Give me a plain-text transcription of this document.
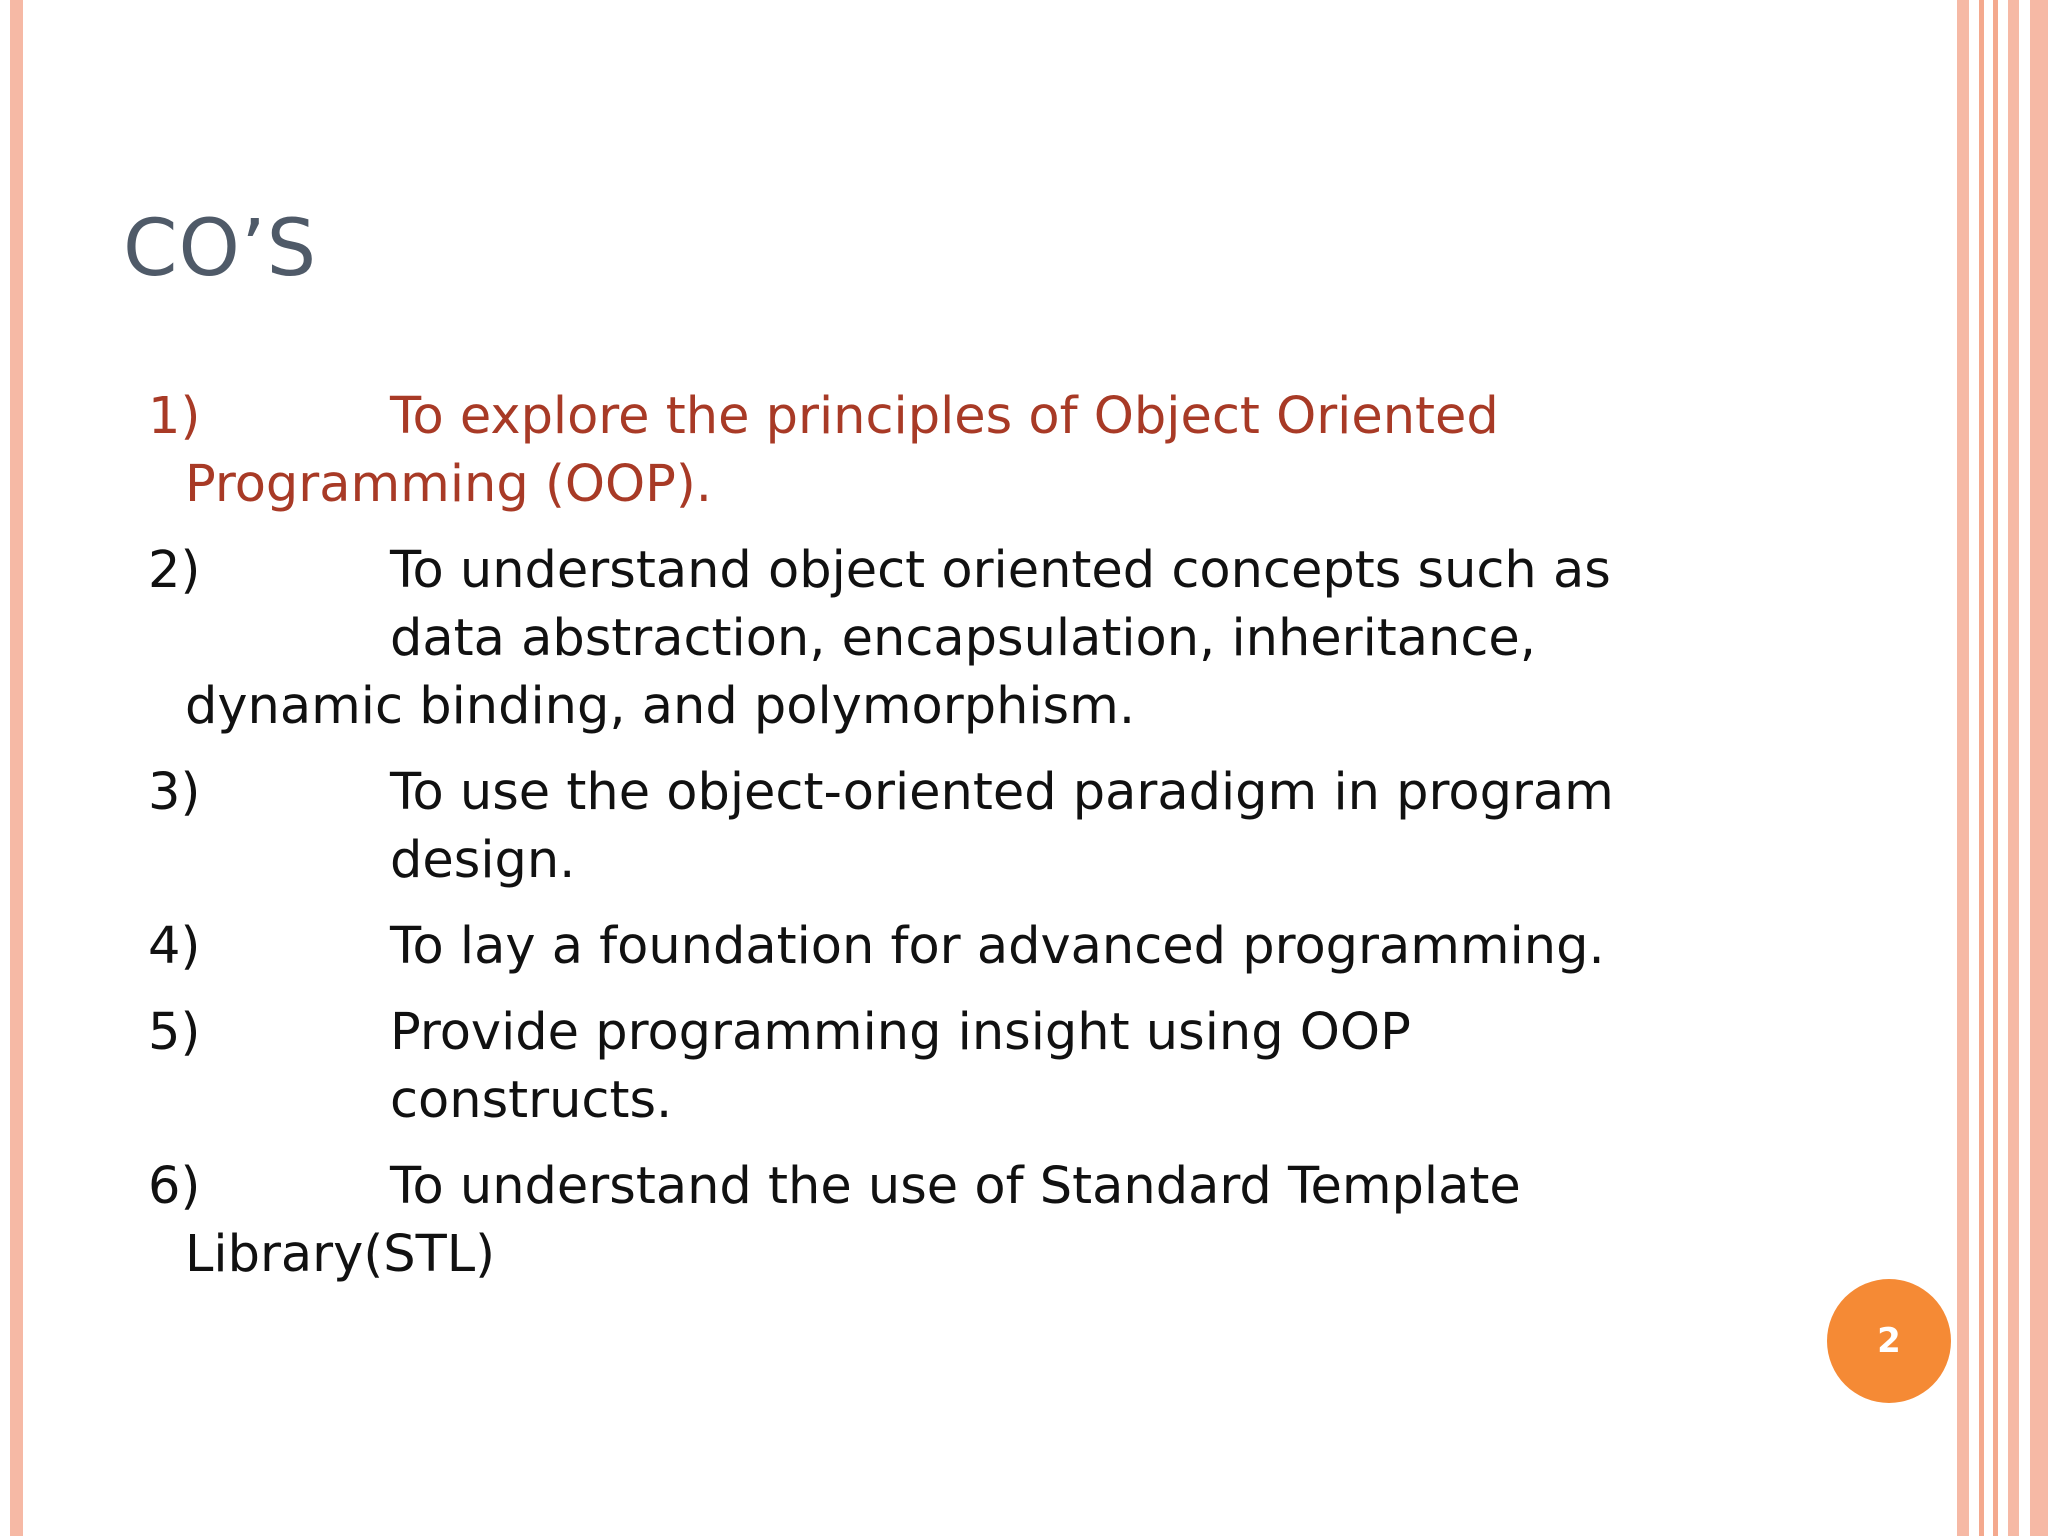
CO’S
1)	To explore the principles of Object Oriented
Programming (OOP).
2)	To understand object oriented concepts such as
data abstraction, encapsulation, inheritance,
dynamic binding, and polymorphism.
3)	To use the object-oriented paradigm in program
design.
4)	To lay a foundation for advanced programming.
5)	Provide programming insight using OOP
constructs.
6)	To understand the use of Standard Template
Library(STL)
2
